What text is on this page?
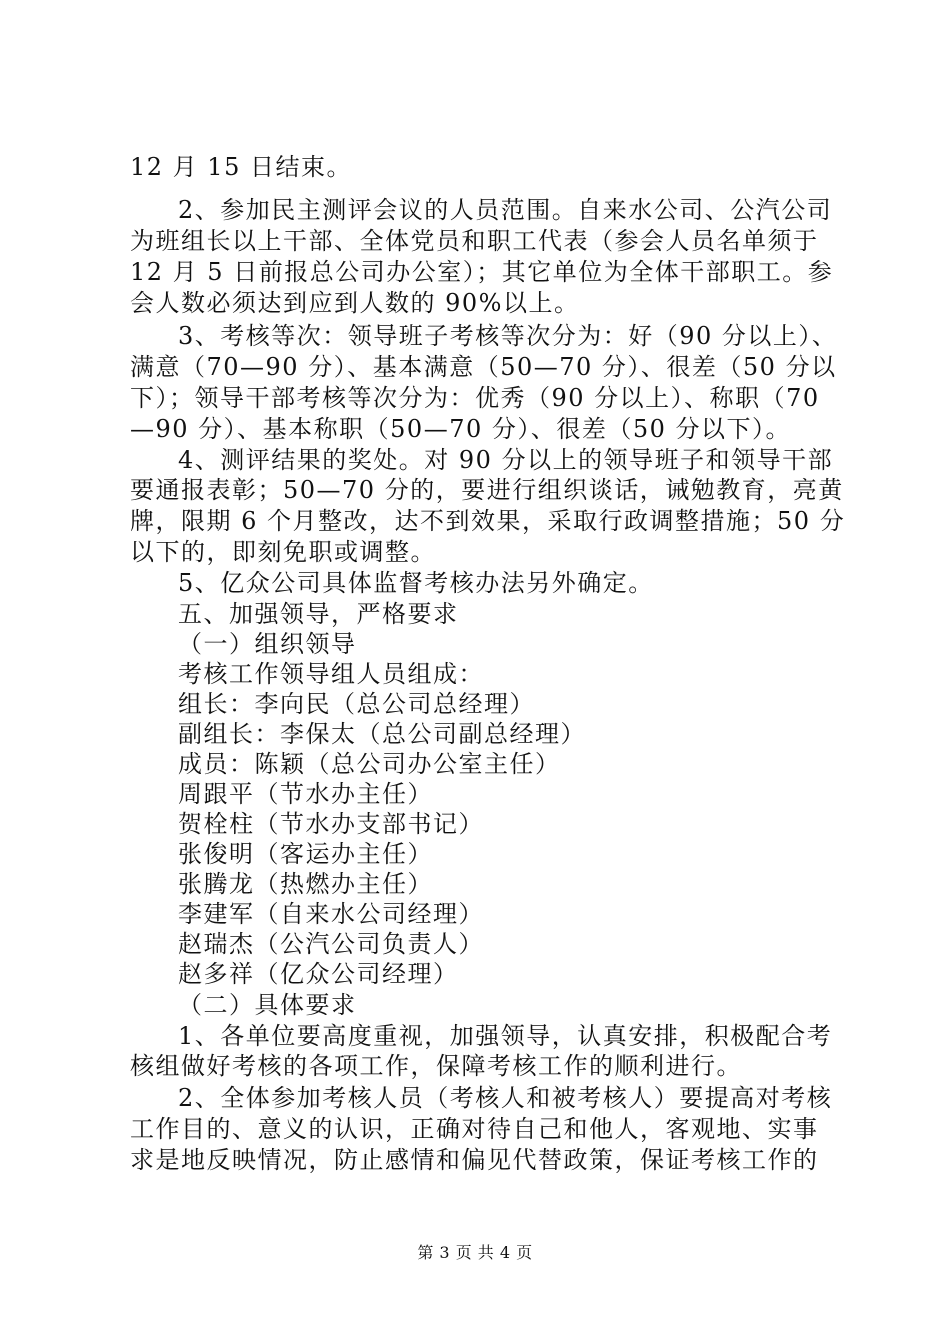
12 月 15 日结束。
2、参加民主测评会议的人员范围。自来水公司、公汽公司
为班组长以上干部、全体党员和职工代表（参会人员名单须于
12 月 5 日前报总公司办公室）；其它单位为全体干部职工。参
会人数必须达到应到人数的 90%以上。
3、考核等次：领导班子考核等次分为：好（90 分以上）、
满意（70—90 分）、基本满意（50—70 分）、很差（50 分以
下）；领导干部考核等次分为：优秀（90 分以上）、称职（70
—90 分）、基本称职（50—70 分）、很差（50 分以下）。
4、测评结果的奖处。对 90 分以上的领导班子和领导干部
要通报表彰；50—70 分的，要进行组织谈话，诫勉教育，亮黄
牌，限期 6 个月整改，达不到效果，采取行政调整措施；50 分
以下的，即刻免职或调整。
5、亿众公司具体监督考核办法另外确定。
五、加强领导，严格要求
（一）组织领导
考核工作领导组人员组成：
组长：李向民（总公司总经理）
副组长：李保太（总公司副总经理）
成员：陈颖（总公司办公室主任）
周跟平（节水办主任）
贺栓柱（节水办支部书记）
张俊明（客运办主任）
张腾龙（热燃办主任）
李建军（自来水公司经理）
赵瑞杰（公汽公司负责人）
赵多祥（亿众公司经理）
（二）具体要求
1、各单位要高度重视，加强领导，认真安排，积极配合考
核组做好考核的各项工作，保障考核工作的顺利进行。
2、全体参加考核人员（考核人和被考核人）要提高对考核
工作目的、意义的认识，正确对待自己和他人，客观地、实事
求是地反映情况，防止感情和偏见代替政策，保证考核工作的
第 3 页 共 4 页
